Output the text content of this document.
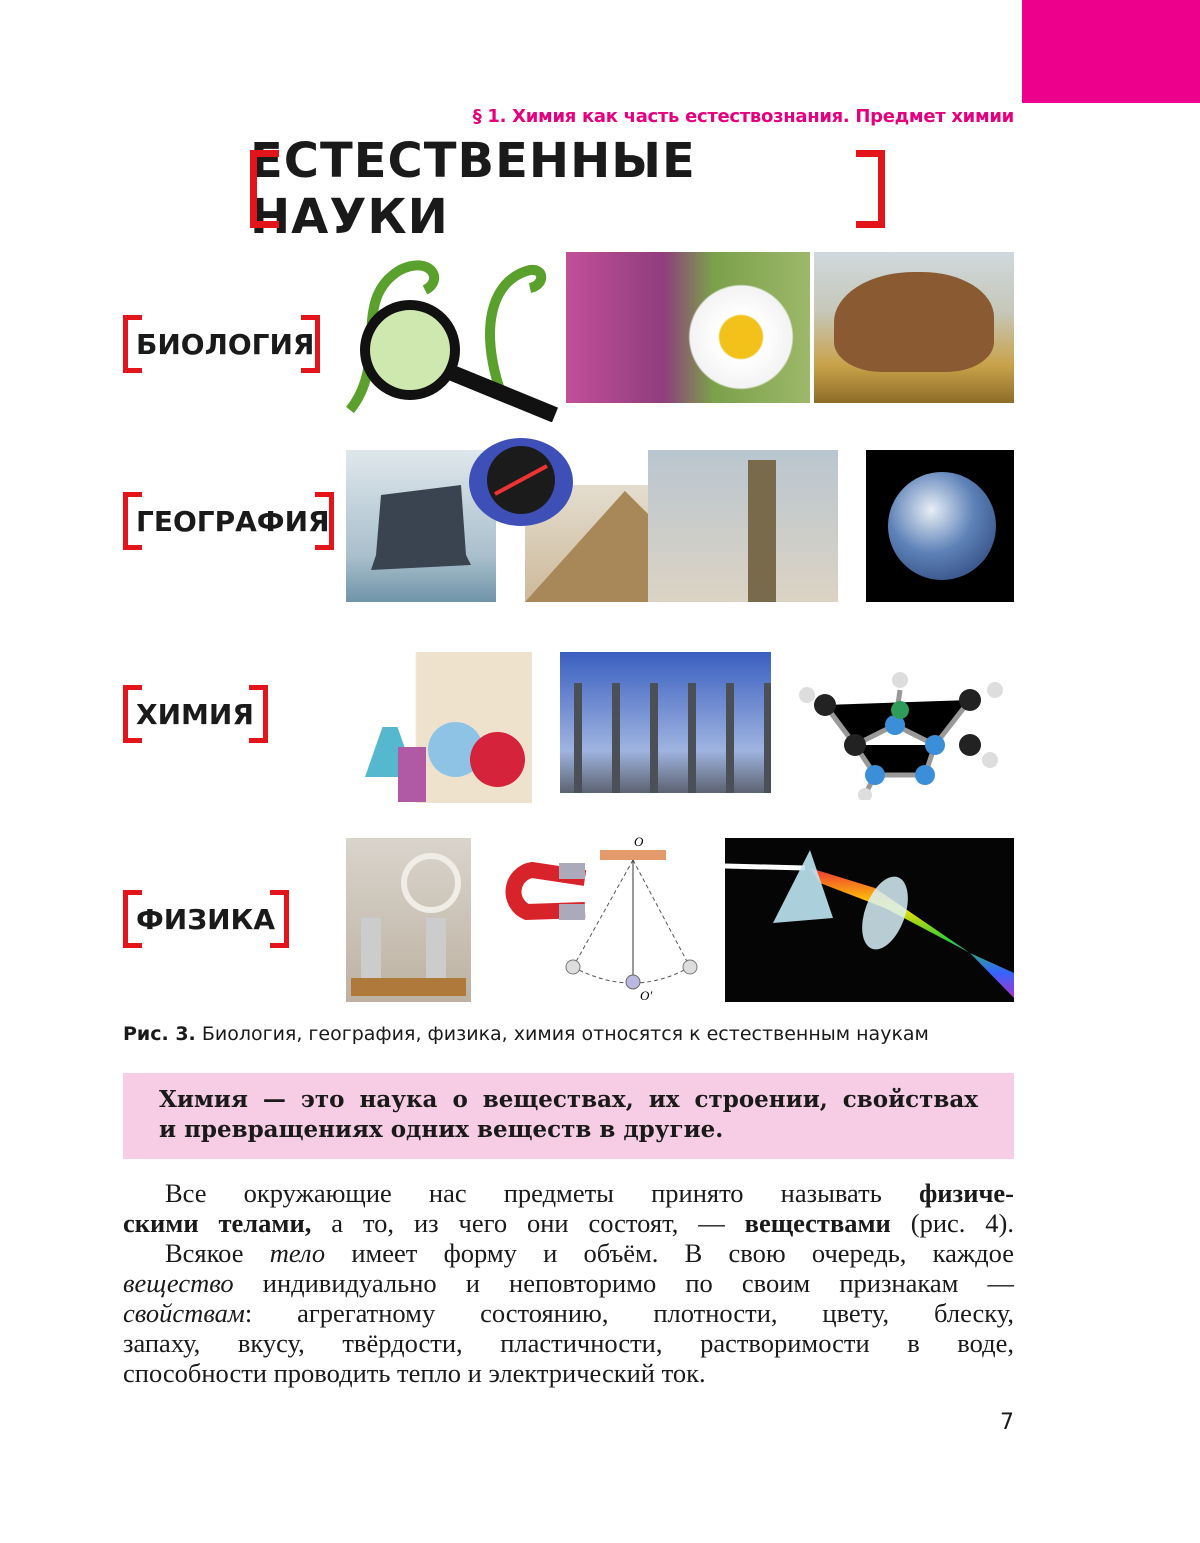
§ 1. Химия как часть естествознания. Предмет химии
ЕСТЕСТВЕННЫЕ НАУКИ
БИОЛОГИЯ
ГЕОГРАФИЯ
ХИМИЯ
ФИЗИКА
O
O′
Рис. 3. Биология, география, физика, химия относятся к естественным наукам
Химия — это наука о веществах, их строении, свойствах
и превращениях одних веществ в другие.
Все окружающие нас предметы принято называть физиче-
скими телами, а то, из чего они состоят, — веществами (рис. 4).
Всякое тело имеет форму и объём. В свою очередь, каждое
вещество индивидуально и неповторимо по своим признакам —
свойствам: агрегатному состоянию, плотности, цвету, блеску,
запаху, вкусу, твёрдости, пластичности, растворимости в воде,
способности проводить тепло и электрический ток.
7
